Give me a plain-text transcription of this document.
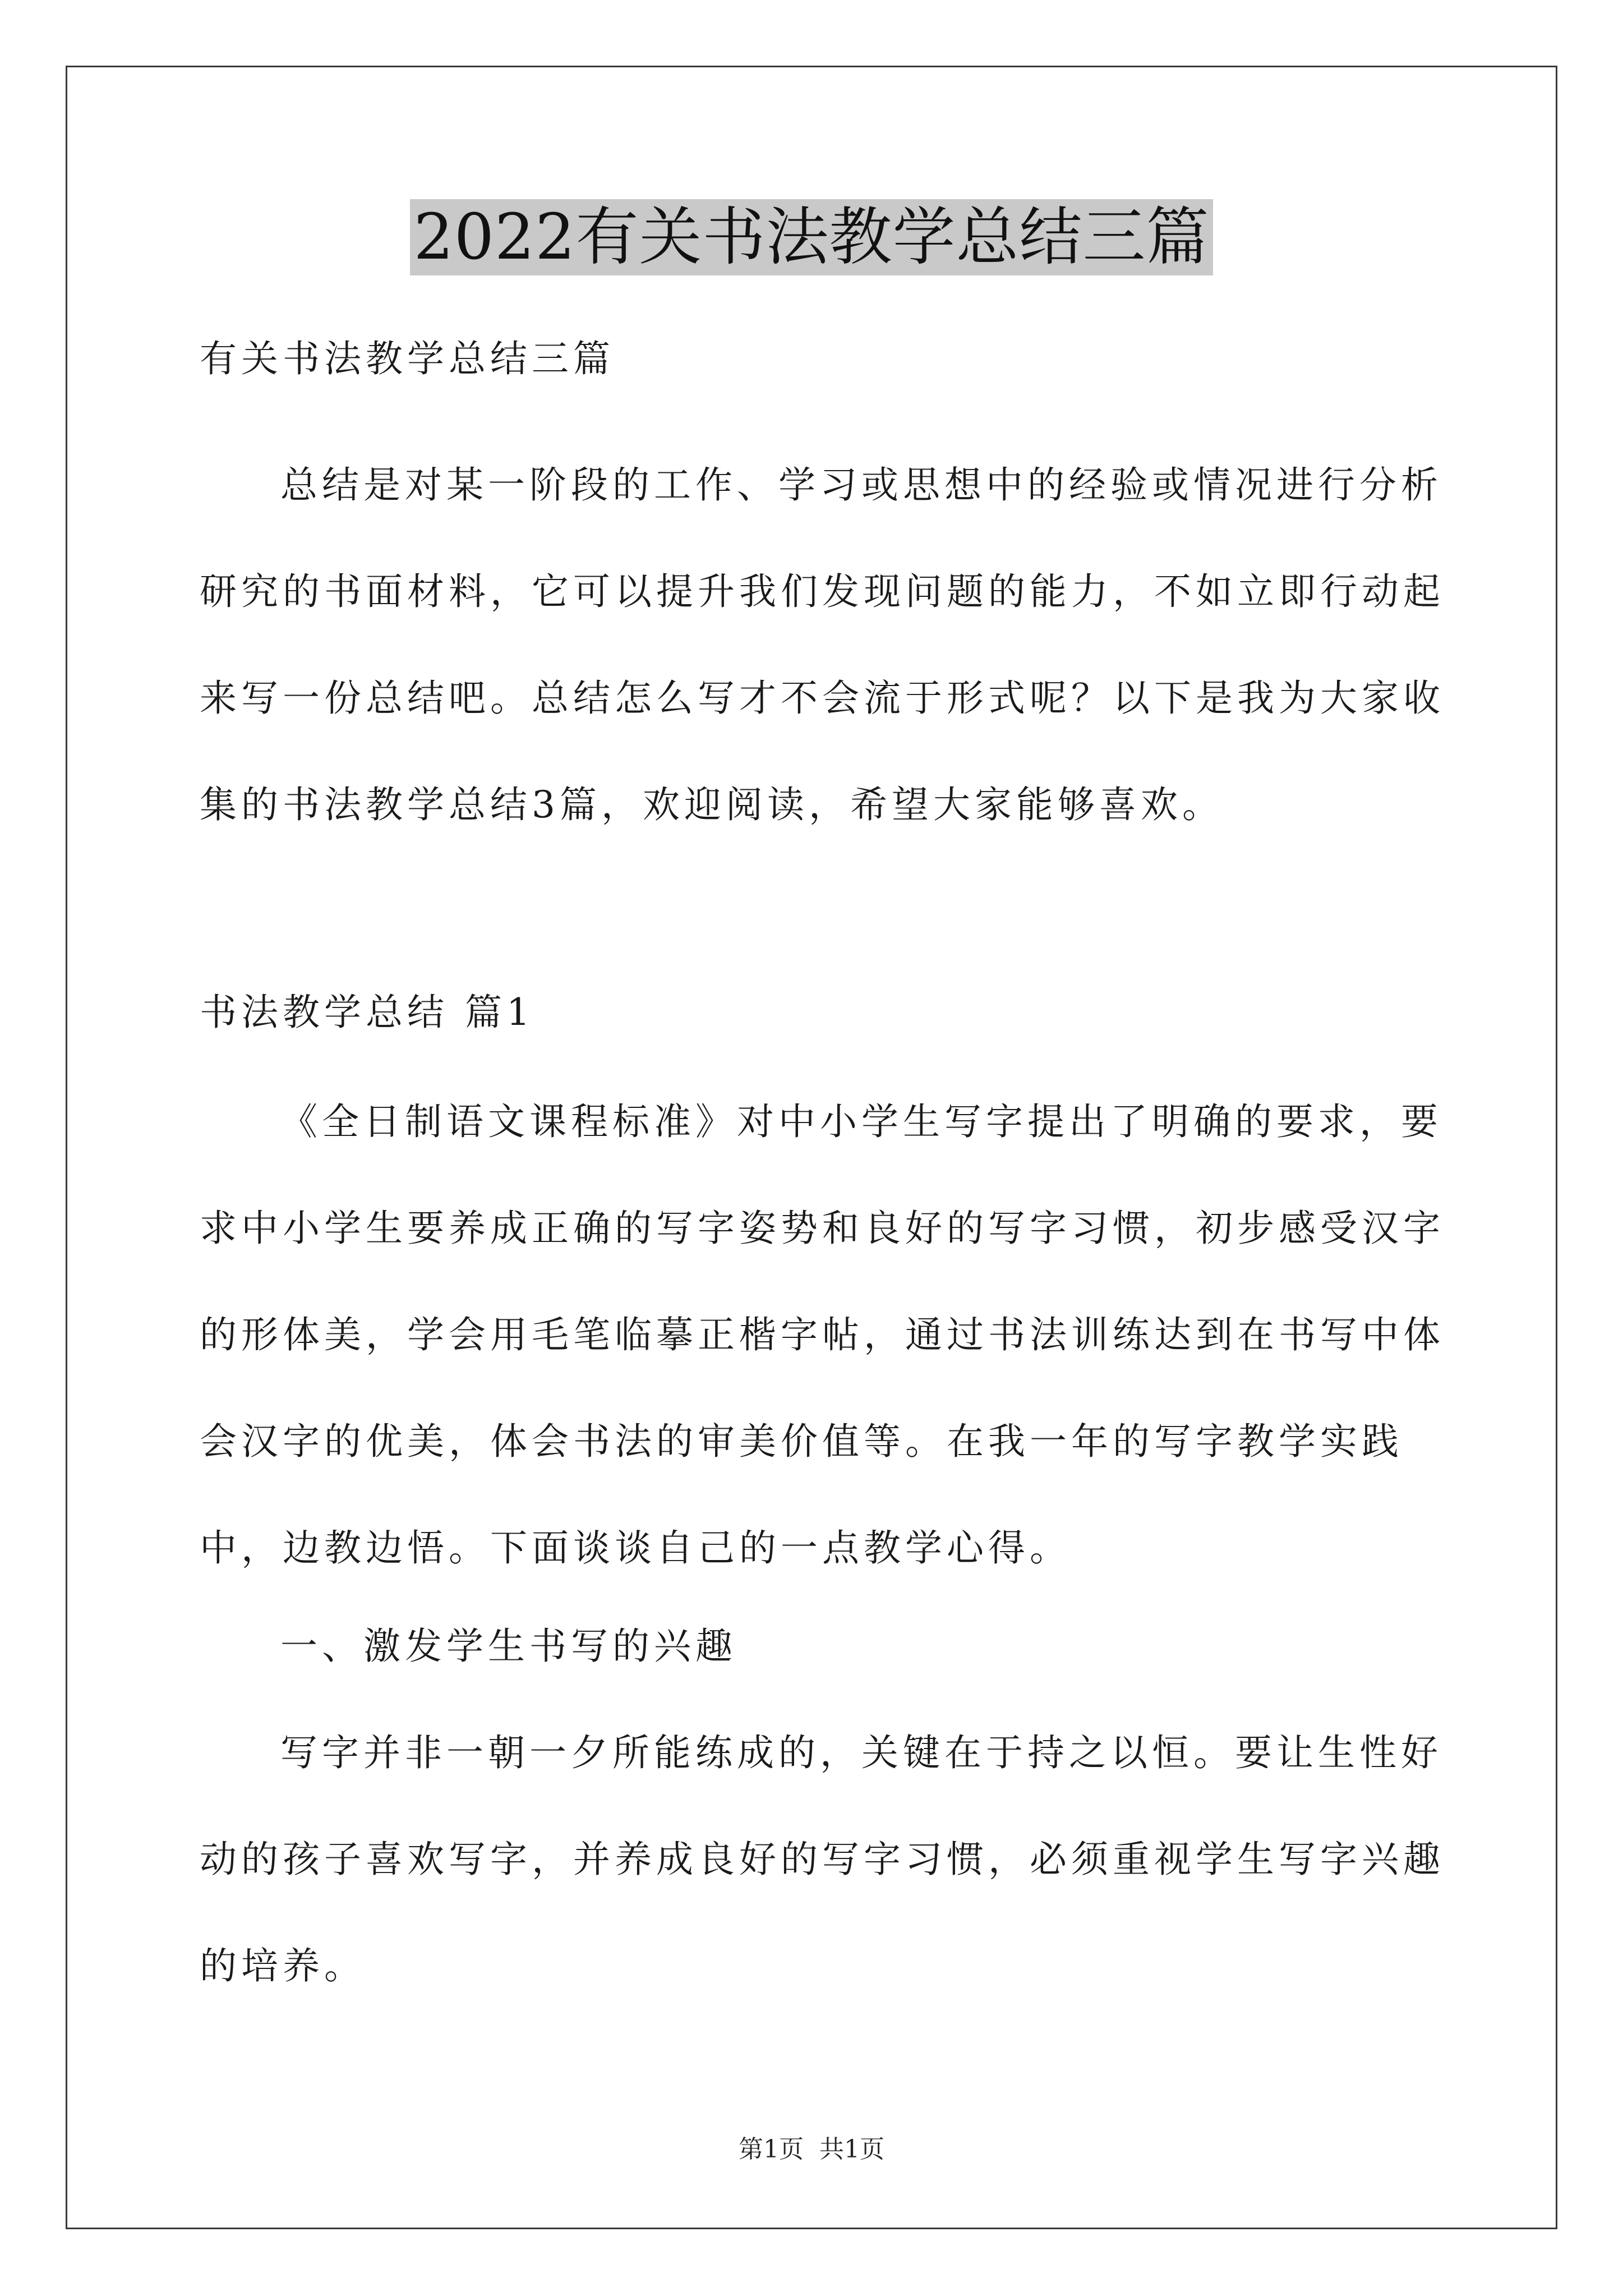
2022有关书法教学总结三篇

有关书法教学总结三篇

总结是对某一阶段的工作、学习或思想中的经验或情况进行分析研究的书面材料，它可以提升我们发现问题的能力，不如立即行动起来写一份总结吧。总结怎么写才不会流于形式呢？以下是我为大家收集的书法教学总结3篇，欢迎阅读，希望大家能够喜欢。

书法教学总结 篇1

《全日制语文课程标准》对中小学生写字提出了明确的要求，要求中小学生要养成正确的写字姿势和良好的写字习惯，初步感受汉字的形体美，学会用毛笔临摹正楷字帖，通过书法训练达到在书写中体会汉字的优美，体会书法的审美价值等。在我一年的写字教学实践中，边教边悟。下面谈谈自己的一点教学心得。

一、激发学生书写的兴趣

写字并非一朝一夕所能练成的，关键在于持之以恒。要让生性好动的孩子喜欢写字，并养成良好的写字习惯，必须重视学生写字兴趣的培养。

第1页 共1页
